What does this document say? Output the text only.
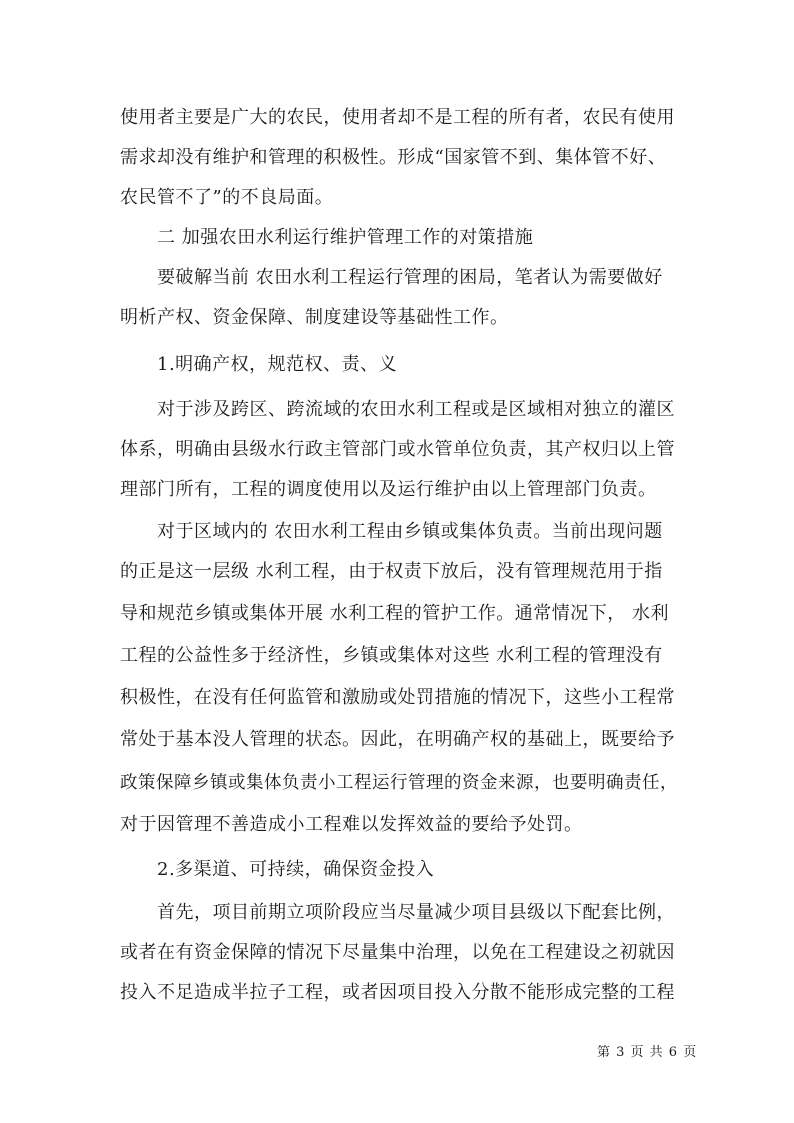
使用者主要是广大的农民，使用者却不是工程的所有者，农民有使用
需求却没有维护和管理的积极性。形成“国家管不到、集体管不好、
农民管不了”的不良局面。
二 加强农田水利运行维护管理工作的对策措施
要破解当前 农田水利工程运行管理的困局，笔者认为需要做好
明析产权、资金保障、制度建设等基础性工作。
1.明确产权，规范权、责、义
对于涉及跨区、跨流域的农田水利工程或是区域相对独立的灌区
体系，明确由县级水行政主管部门或水管单位负责，其产权归以上管
理部门所有，工程的调度使用以及运行维护由以上管理部门负责。
对于区域内的 农田水利工程由乡镇或集体负责。当前出现问题
的正是这一层级 水利工程，由于权责下放后，没有管理规范用于指
导和规范乡镇或集体开展 水利工程的管护工作。通常情况下， 水利
工程的公益性多于经济性，乡镇或集体对这些 水利工程的管理没有
积极性，在没有任何监管和激励或处罚措施的情况下，这些小工程常
常处于基本没人管理的状态。因此，在明确产权的基础上，既要给予
政策保障乡镇或集体负责小工程运行管理的资金来源，也要明确责任，
对于因管理不善造成小工程难以发挥效益的要给予处罚。
2.多渠道、可持续，确保资金投入
首先，项目前期立项阶段应当尽量减少项目县级以下配套比例，
或者在有资金保障的情况下尽量集中治理，以免在工程建设之初就因
投入不足造成半拉子工程，或者因项目投入分散不能形成完整的工程
第 3 页 共 6 页
